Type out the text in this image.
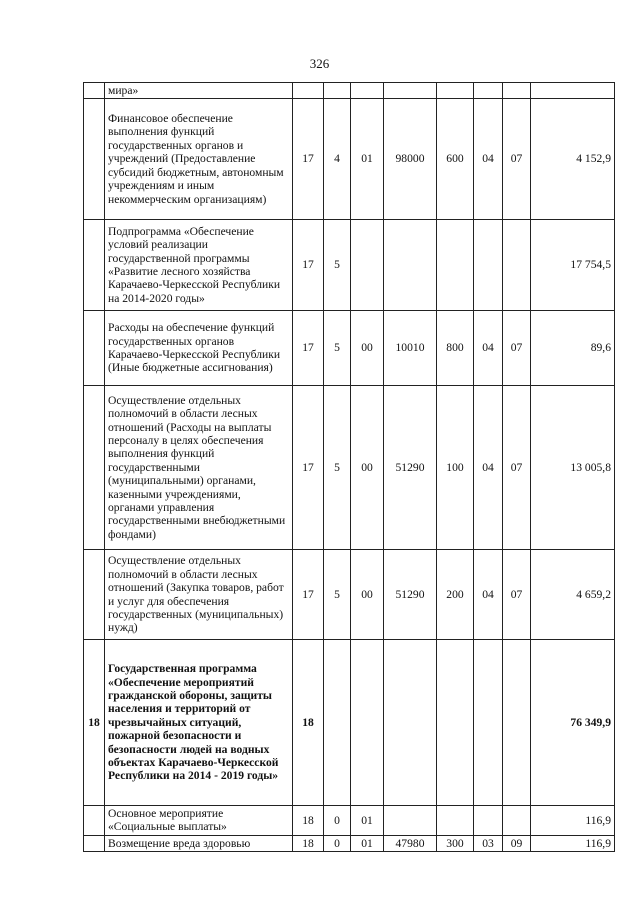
326
	мира»								
	Финансовое обеспечение выполнения функций государственных органов и учреждений (Предоставление субсидий бюджетным, автономным учреждениям и иным некоммерческим организациям)	17	4	01	98000	600	04	07	4 152,9
	Подпрограмма «Обеспечение условий реализации государственной программы «Развитие лесного хозяйства Карачаево-Черкесской Республики на 2014-2020 годы»	17	5						17 754,5
	Расходы на обеспечение функций государственных органов Карачаево-Черкесской Республики (Иные бюджетные ассигнования)	17	5	00	10010	800	04	07	89,6
	Осуществление отдельных полномочий в области лесных отношений (Расходы на выплаты персоналу в целях обеспечения выполнения функций государственными (муниципальными) органами, казенными учреждениями, органами управления государственными внебюджетными фондами)	17	5	00	51290	100	04	07	13 005,8
	Осуществление отдельных полномочий в области лесных отношений (Закупка товаров, работ и услуг для обеспечения государственных (муниципальных) нужд)	17	5	00	51290	200	04	07	4 659,2
18	Государственная программа «Обеспечение мероприятий гражданской обороны, защиты населения и территорий от чрезвычайных ситуаций, пожарной безопасности и безопасности людей на водных объектах Карачаево-Черкесской Республики на 2014 - 2019 годы»	18							76 349,9
	Основное мероприятие «Социальные выплаты»	18	0	01					116,9
	Возмещение вреда здоровью	18	0	01	47980	300	03	09	116,9
